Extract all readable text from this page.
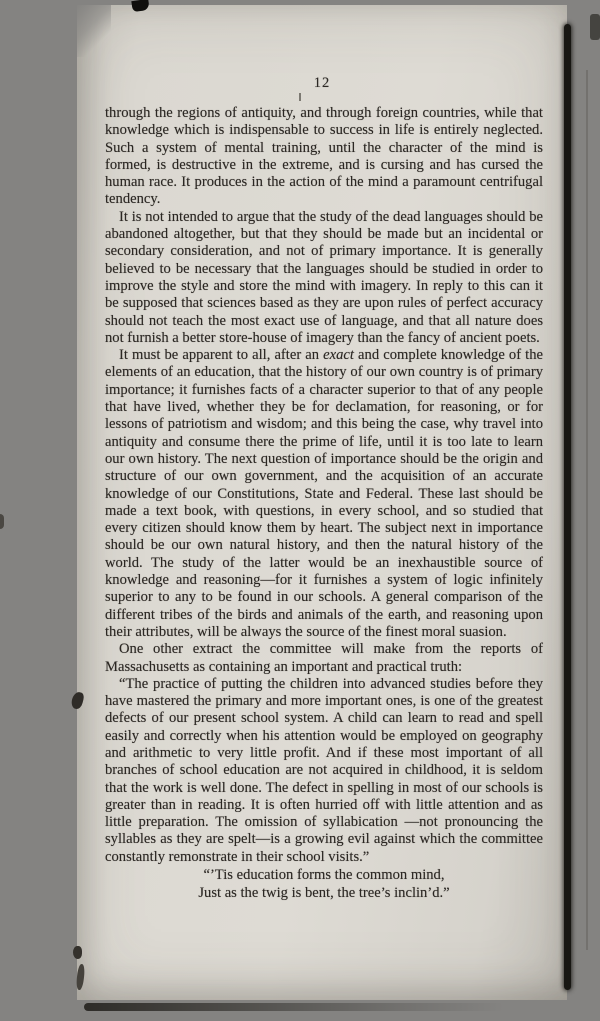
12

through the regions of antiquity, and through foreign countries, while that knowledge which is indispensable to success in life is entirely neglected. Such a system of mental training, until the character of the mind is formed, is destructive in the extreme, and is cursing and has cursed the human race. It produces in the action of the mind a paramount centrifugal tendency.

It is not intended to argue that the study of the dead languages should be abandoned altogether, but that they should be made but an incidental or secondary consideration, and not of primary importance. It is generally believed to be necessary that the languages should be studied in order to improve the style and store the mind with imagery. In reply to this can it be supposed that sciences based as they are upon rules of perfect accuracy should not teach the most exact use of language, and that all nature does not furnish a better store-house of imagery than the fancy of ancient poets.

It must be apparent to all, after an exact and complete knowledge of the elements of an education, that the history of our own country is of primary importance; it furnishes facts of a character superior to that of any people that have lived, whether they be for declamation, for reasoning, or for lessons of patriotism and wisdom; and this being the case, why travel into antiquity and consume there the prime of life, until it is too late to learn our own history. The next question of importance should be the origin and structure of our own government, and the acquisition of an accurate knowledge of our Constitutions, State and Federal. These last should be made a text book, with questions, in every school, and so studied that every citizen should know them by heart. The subject next in importance should be our own natural history, and then the natural history of the world. The study of the latter would be an inexhaustible source of knowledge and reasoning—for it furnishes a system of logic infinitely superior to any to be found in our schools. A general comparison of the different tribes of the birds and animals of the earth, and reasoning upon their attributes, will be always the source of the finest moral suasion.

One other extract the committee will make from the reports of Massachusetts as containing an important and practical truth:

“The practice of putting the children into advanced studies before they have mastered the primary and more important ones, is one of the greatest defects of our present school system. A child can learn to read and spell easily and correctly when his attention would be employed on geography and arithmetic to very little profit. And if these most important of all branches of school education are not acquired in childhood, it is seldom that the work is well done. The defect in spelling in most of our schools is greater than in reading. It is often hurried off with little attention and as little preparation. The omission of syllabication —not pronouncing the syllables as they are spelt—is a growing evil against which the committee constantly remonstrate in their school visits.”

“’Tis education forms the common mind,
Just as the twig is bent, the tree’s inclin’d.”
